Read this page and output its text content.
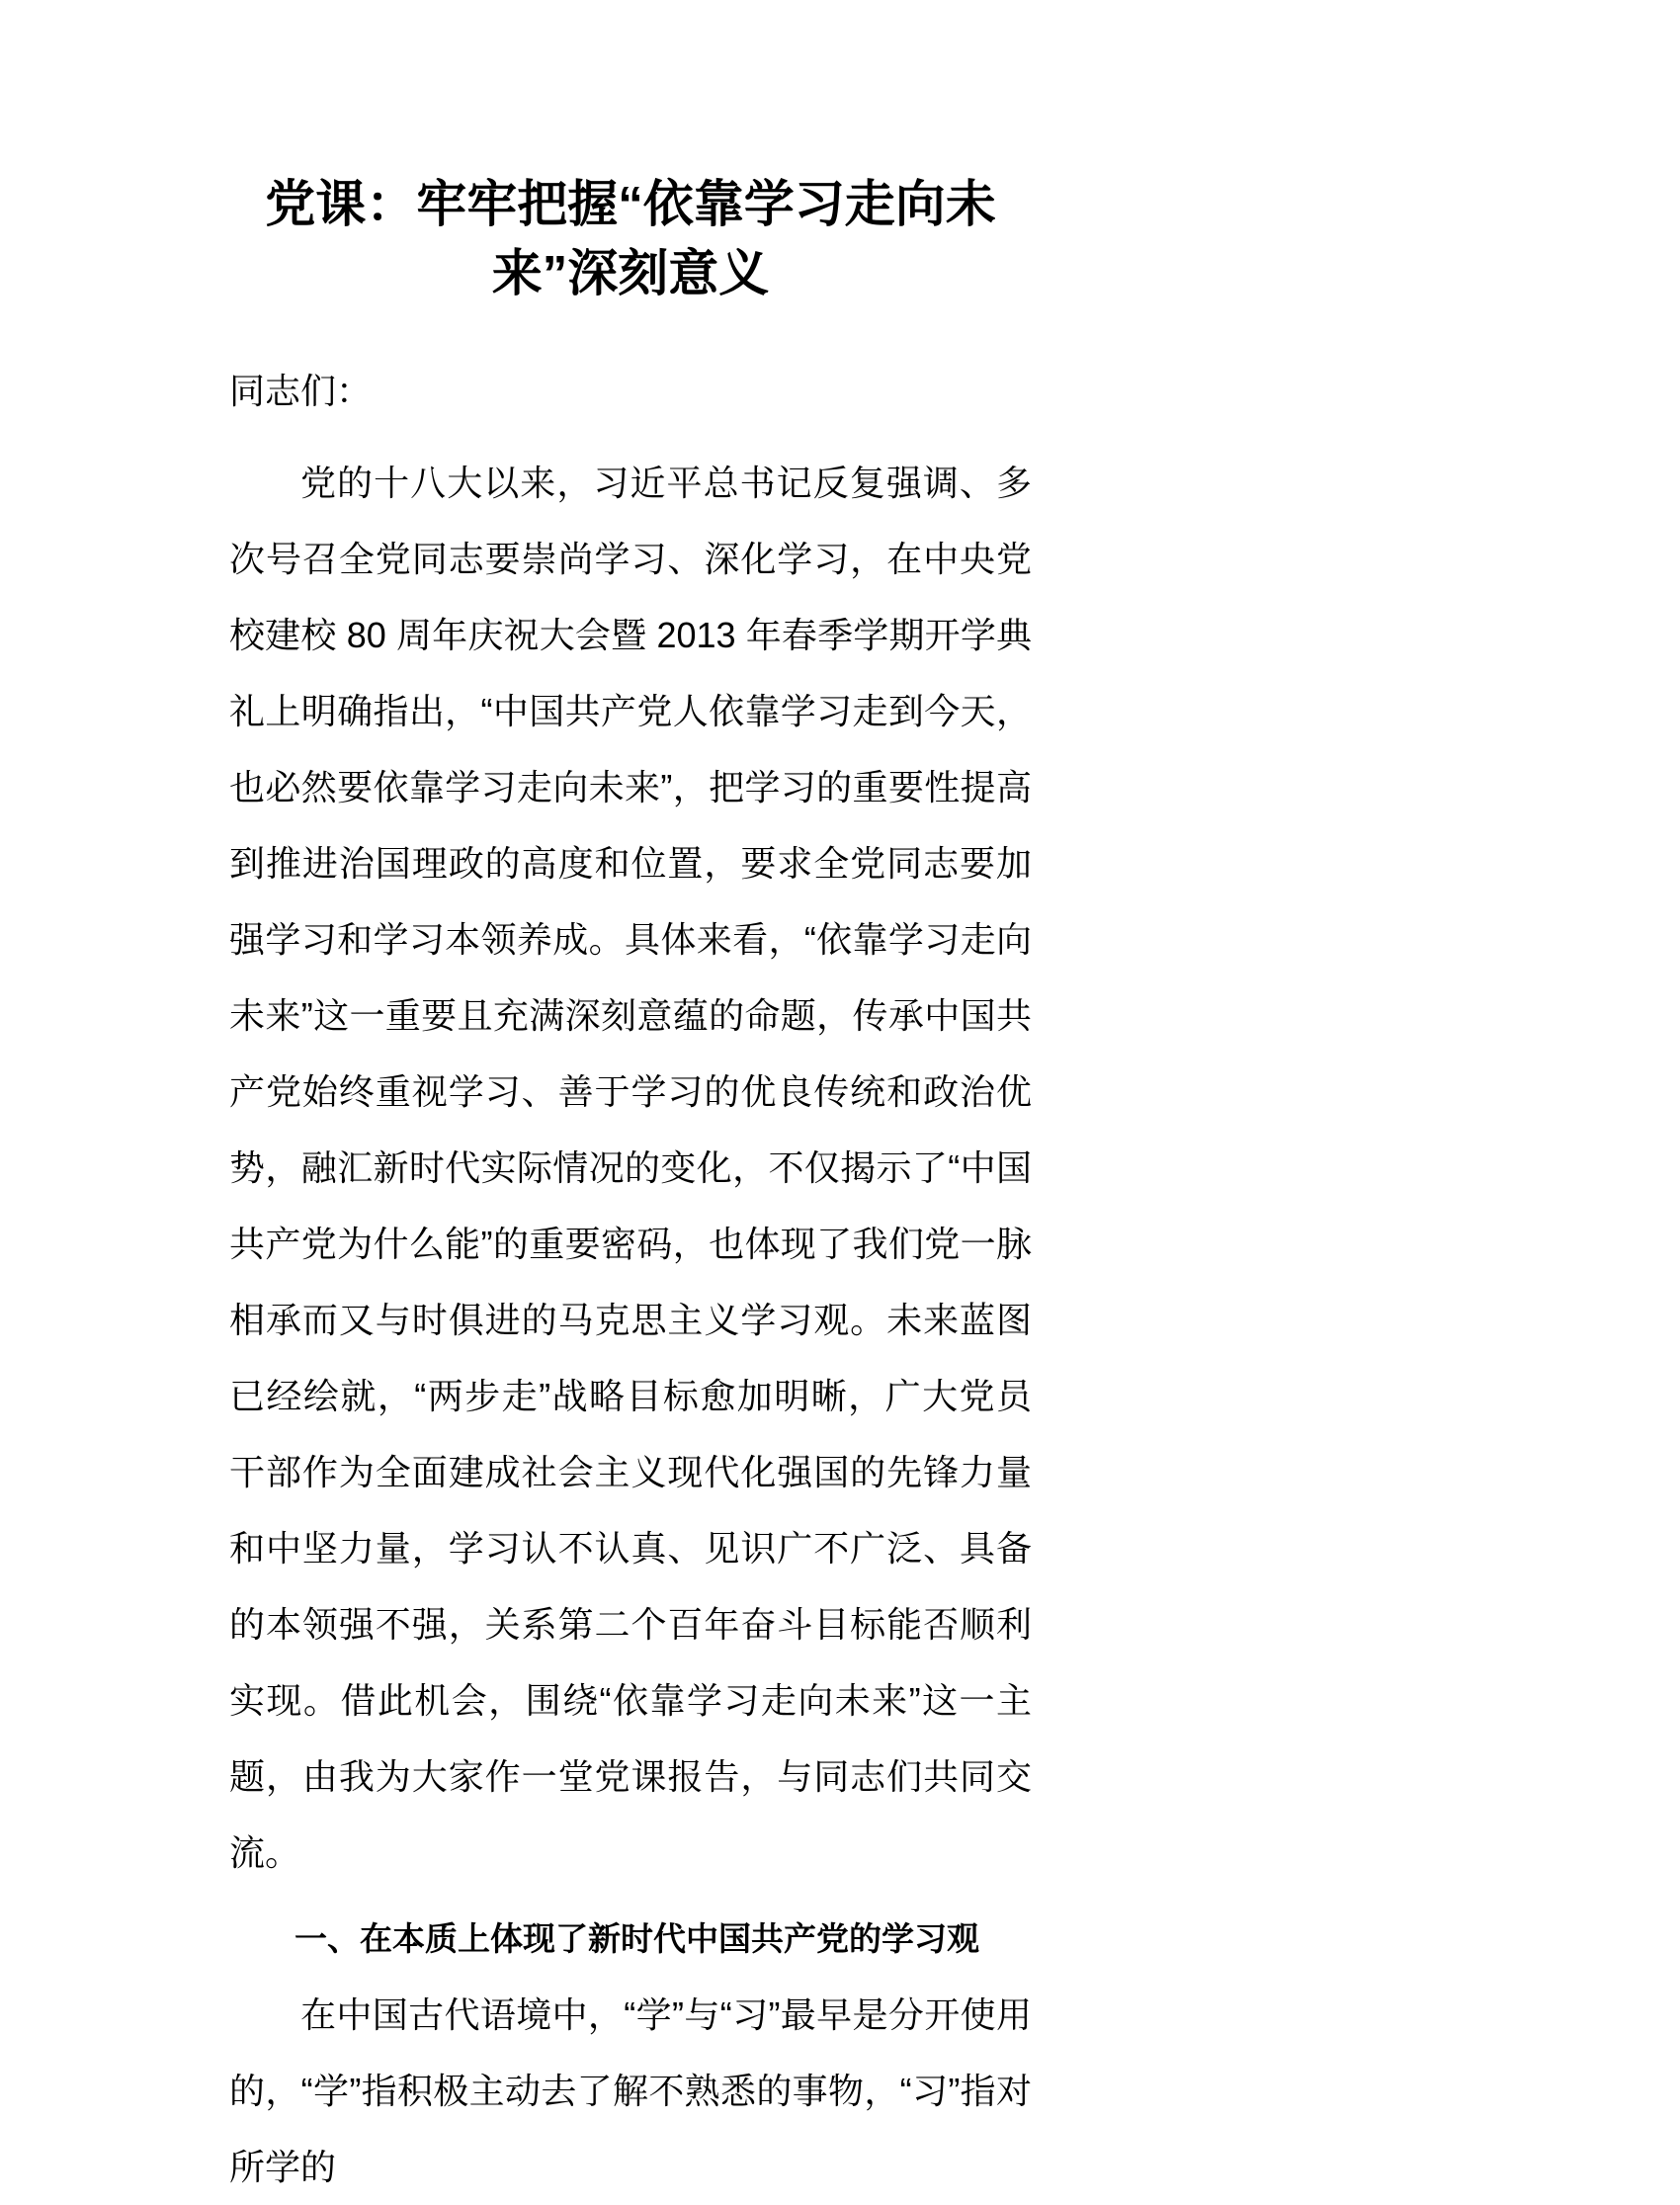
党课：牢牢把握“依靠学习走向未来”深刻意义

同志们：

党的十八大以来，习近平总书记反复强调、多次号召全党同志要崇尚学习、深化学习，在中央党校建校 80 周年庆祝大会暨 2013 年春季学期开学典礼上明确指出，“中国共产党人依靠学习走到今天，也必然要依靠学习走向未来”，把学习的重要性提高到推进治国理政的高度和位置，要求全党同志要加强学习和学习本领养成。具体来看，“依靠学习走向未来”这一重要且充满深刻意蕴的命题，传承中国共产党始终重视学习、善于学习的优良传统和政治优势，融汇新时代实际情况的变化，不仅揭示了“中国共产党为什么能”的重要密码，也体现了我们党一脉相承而又与时俱进的马克思主义学习观。未来蓝图已经绘就，“两步走”战略目标愈加明晰，广大党员干部作为全面建成社会主义现代化强国的先锋力量和中坚力量，学习认不认真、见识广不广泛、具备的本领强不强，关系第二个百年奋斗目标能否顺利实现。借此机会，围绕“依靠学习走向未来”这一主题，由我为大家作一堂党课报告，与同志们共同交流。

一、在本质上体现了新时代中国共产党的学习观

在中国古代语境中，“学”与“习”最早是分开使用的，“学”指积极主动去了解不熟悉的事物，“习”指对所学的
